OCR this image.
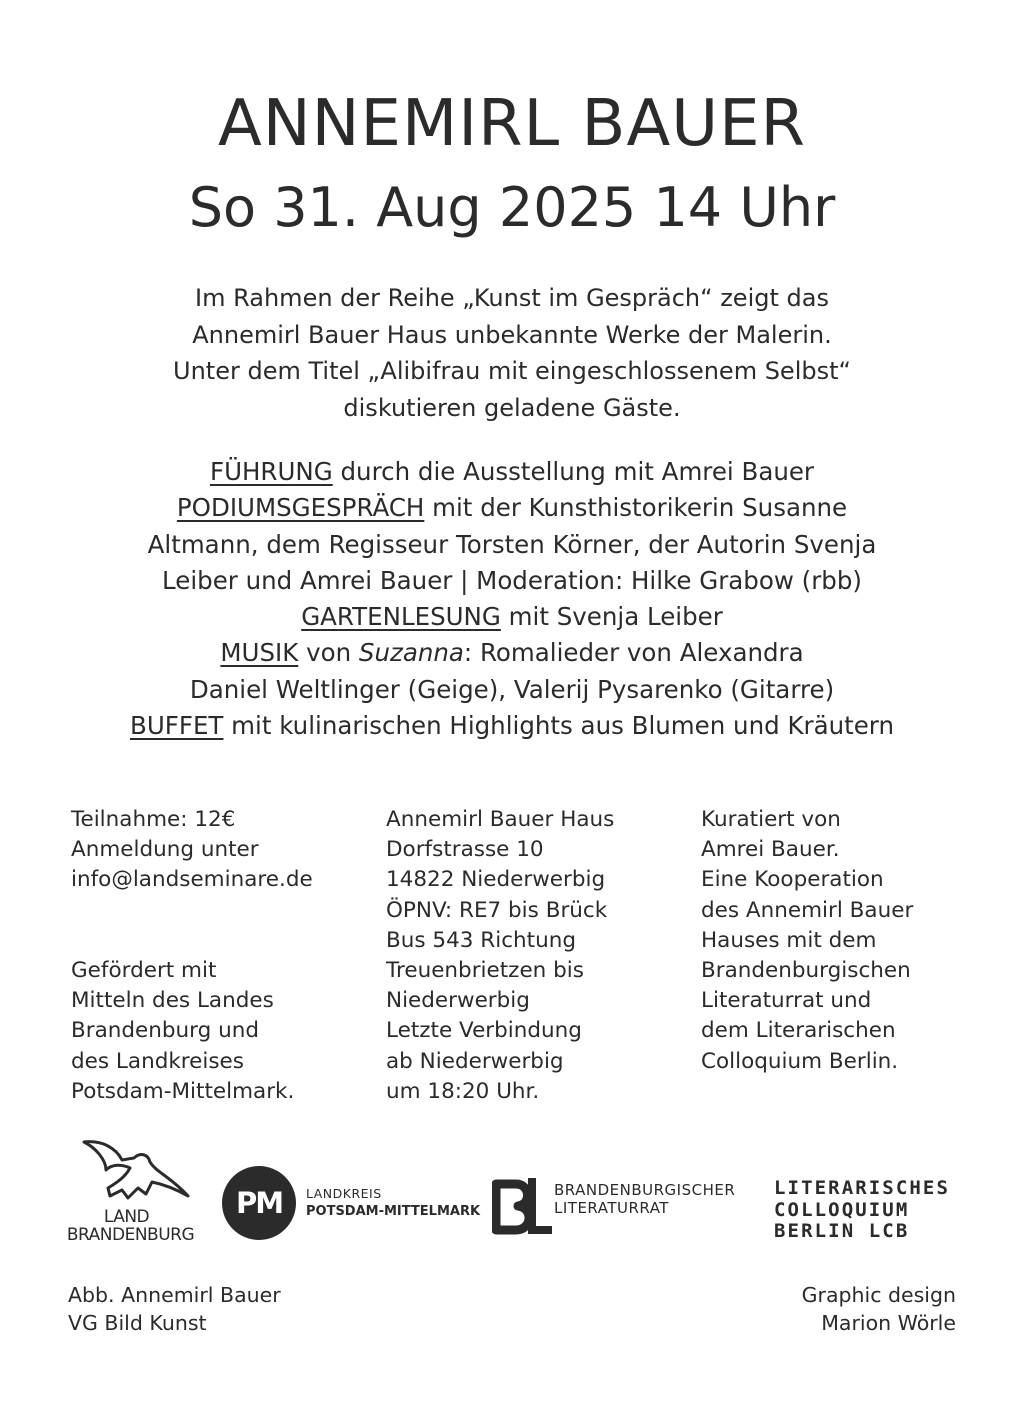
ANNEMIRL BAUER
So 31. Aug 2025 14 Uhr
Im Rahmen der Reihe „Kunst im Gespräch“ zeigt das
Annemirl Bauer Haus unbekannte Werke der Malerin.
Unter dem Titel „Alibifrau mit eingeschlossenem Selbst“
diskutieren geladene Gäste.
FÜHRUNG durch die Ausstellung mit Amrei Bauer
PODIUMSGESPRÄCH mit der Kunsthistorikerin Susanne
Altmann, dem Regisseur Torsten Körner, der Autorin Svenja
Leiber und Amrei Bauer | Moderation: Hilke Grabow (rbb)
GARTENLESUNG mit Svenja Leiber
MUSIK von Suzanna: Romalieder von Alexandra
Daniel Weltlinger (Geige), Valerij Pysarenko (Gitarre)
BUFFET mit kulinarischen Highlights aus Blumen und Kräutern
Teilnahme: 12€
Anmeldung unter
info@landseminare.de
Gefördert mit
Mitteln des Landes
Brandenburg und
des Landkreises
Potsdam-Mittelmark.
Annemirl Bauer Haus
Dorfstrasse 10
14822 Niederwerbig
ÖPNV: RE7 bis Brück
Bus 543 Richtung
Treuenbrietzen bis
Niederwerbig
Letzte Verbindung
ab Niederwerbig
um 18:20 Uhr.
Kuratiert von
Amrei Bauer.
Eine Kooperation
des Annemirl Bauer
Hauses mit dem
Brandenburgischen
Literaturrat und
dem Literarischen
Colloquium Berlin.
LAND
BRANDENBURG
PM	LANDKREIS
POTSDAM-MITTELMARK
BRANDENBURGISCHER
LITERATURRAT
LITERARISCHES
COLLOQUIUM
BERLIN LCB
Abb. Annemirl Bauer
VG Bild Kunst
Graphic design
Marion Wörle
